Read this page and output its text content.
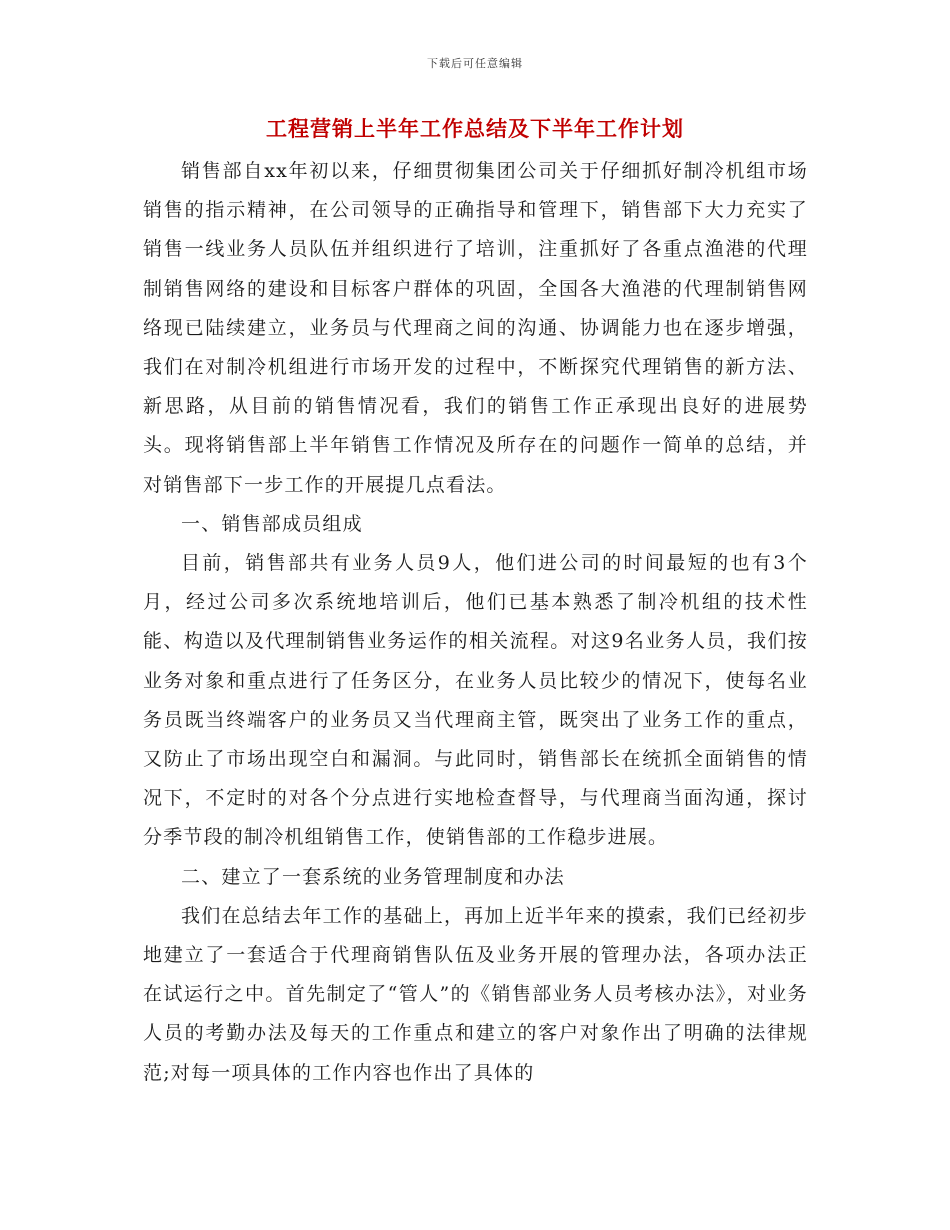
下载后可任意编辑
工程营销上半年工作总结及下半年工作计划

销售部自xx年初以来，仔细贯彻集团公司关于仔细抓好制冷机组市场销售的指示精神，在公司领导的正确指导和管理下，销售部下大力充实了销售一线业务人员队伍并组织进行了培训，注重抓好了各重点渔港的代理制销售网络的建设和目标客户群体的巩固，全国各大渔港的代理制销售网络现已陆续建立，业务员与代理商之间的沟通、协调能力也在逐步增强，我们在对制冷机组进行市场开发的过程中，不断探究代理销售的新方法、新思路，从目前的销售情况看，我们的销售工作正承现出良好的进展势头。现将销售部上半年销售工作情况及所存在的问题作一简单的总结，并对销售部下一步工作的开展提几点看法。

一、销售部成员组成

目前，销售部共有业务人员9人，他们进公司的时间最短的也有3个月，经过公司多次系统地培训后，他们已基本熟悉了制冷机组的技术性能、构造以及代理制销售业务运作的相关流程。对这9名业务人员，我们按业务对象和重点进行了任务区分，在业务人员比较少的情况下，使每名业务员既当终端客户的业务员又当代理商主管，既突出了业务工作的重点，又防止了市场出现空白和漏洞。与此同时，销售部长在统抓全面销售的情况下，不定时的对各个分点进行实地检查督导，与代理商当面沟通，探讨分季节段的制冷机组销售工作，使销售部的工作稳步进展。

二、建立了一套系统的业务管理制度和办法

我们在总结去年工作的基础上，再加上近半年来的摸索，我们已经初步地建立了一套适合于代理商销售队伍及业务开展的管理办法，各项办法正在试运行之中。首先制定了“管人”的《销售部业务人员考核办法》，对业务人员的考勤办法及每天的工作重点和建立的客户对象作出了明确的法律规范;对每一项具体的工作内容也作出了具体的
